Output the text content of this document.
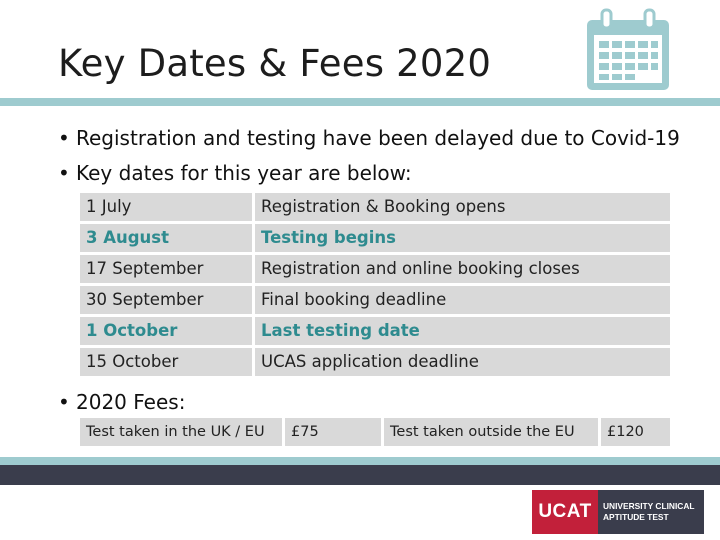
Key Dates & Fees 2020
• Registration and testing have been delayed due to Covid-19
• Key dates for this year are below:
1 July	Registration & Booking opens
3 August	Testing begins
17 September	Registration and online booking closes
30 September	Final booking deadline
1 October	Last testing date
15 October	UCAS application deadline
• 2020 Fees:
Test taken in the UK / EU	£75	Test taken outside the EU	£120
UCAT	UNIVERSITY CLINICAL
APTITUDE TEST
